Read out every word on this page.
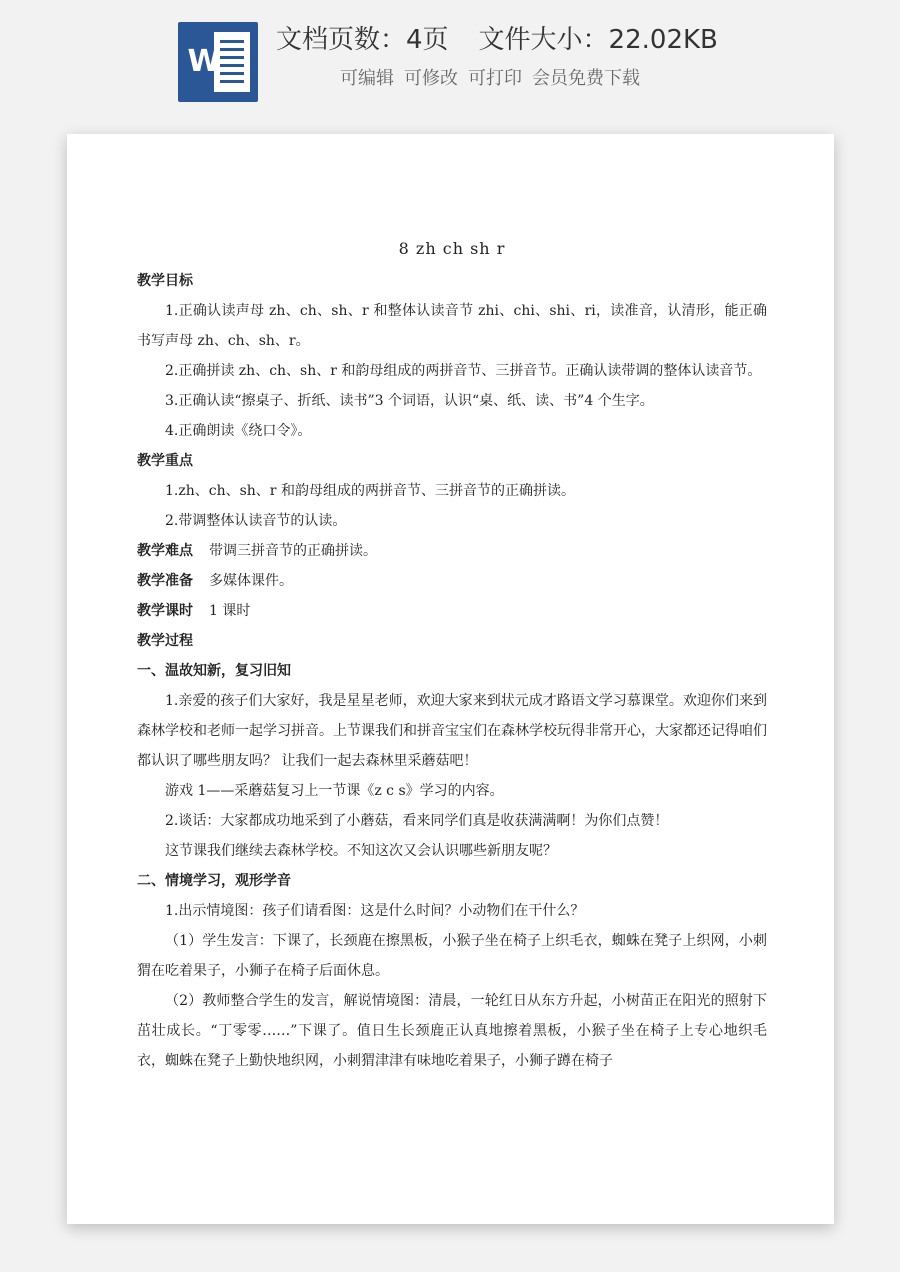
W
文档页数：4页 文件大小：22.02KB
可编辑 可修改 可打印 会员免费下载
8 zh ch sh r
教学目标
1.正确认读声母 zh、ch、sh、r 和整体认读音节 zhi、chi、shi、ri，读准音，认清形，能正确书写声母 zh、ch、sh、r。
2.正确拼读 zh、ch、sh、r 和韵母组成的两拼音节、三拼音节。正确认读带调的整体认读音节。
3.正确认读“擦桌子、折纸、读书”3 个词语，认识“桌、纸、读、书”4 个生字。
4.正确朗读《绕口令》。
教学重点
1.zh、ch、sh、r 和韵母组成的两拼音节、三拼音节的正确拼读。
2.带调整体认读音节的认读。
教学难点 带调三拼音节的正确拼读。
教学准备 多媒体课件。
教学课时 1 课时
教学过程
一、温故知新，复习旧知
1.亲爱的孩子们大家好，我是星星老师，欢迎大家来到状元成才路语文学习慕课堂。欢迎你们来到森林学校和老师一起学习拼音。上节课我们和拼音宝宝们在森林学校玩得非常开心，大家都还记得咱们都认识了哪些朋友吗？ 让我们一起去森林里采蘑菇吧！
游戏 1——采蘑菇复习上一节课《z c s》学习的内容。
2.谈话：大家都成功地采到了小蘑菇，看来同学们真是收获满满啊！为你们点赞！
这节课我们继续去森林学校。不知这次又会认识哪些新朋友呢？
二、情境学习，观形学音
1.出示情境图：孩子们请看图：这是什么时间？小动物们在干什么？
（1）学生发言：下课了，长颈鹿在擦黑板，小猴子坐在椅子上织毛衣，蜘蛛在凳子上织网，小刺猬在吃着果子，小狮子在椅子后面休息。
（2）教师整合学生的发言，解说情境图：清晨，一轮红日从东方升起，小树苗正在阳光的照射下茁壮成长。“丁零零……”下课了。值日生长颈鹿正认真地擦着黑板，小猴子坐在椅子上专心地织毛衣，蜘蛛在凳子上勤快地织网，小刺猬津津有味地吃着果子，小狮子蹲在椅子
